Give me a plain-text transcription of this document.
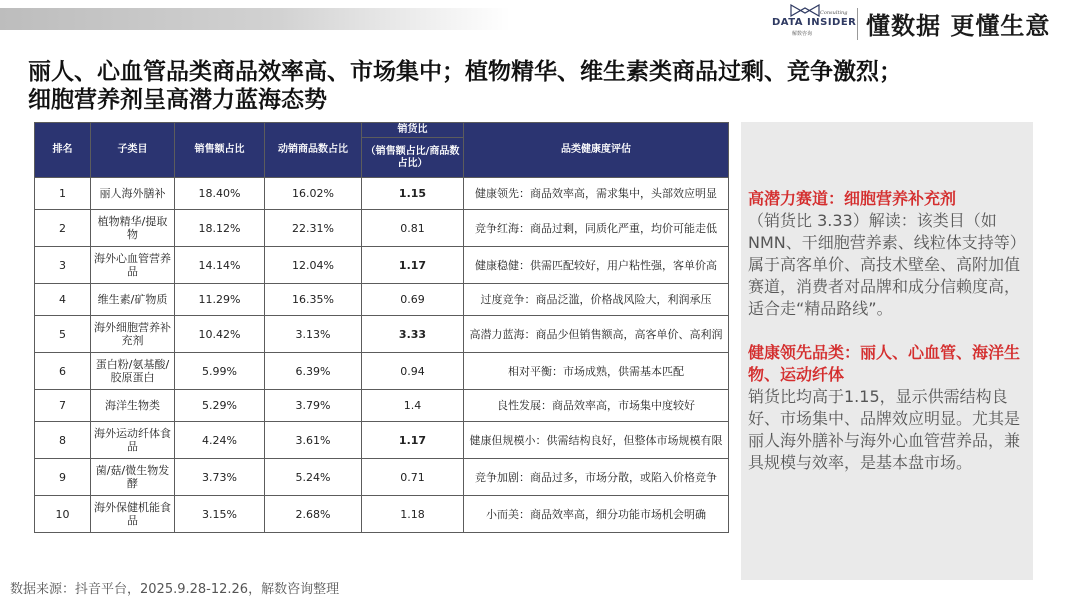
Consulting
DATA INSIDER
解数咨询 懂数据 更懂生意
丽人、心血管品类商品效率高、市场集中；植物精华、维生素类商品过剩、竞争激烈；
细胞营养剂呈高潜力蓝海态势
排名	子类目	销售额占比	动销商品数占比	销货比	品类健康度评估
				（销售额占比/商品数占比）	
1	丽人海外膳补	18.40%	16.02%	1.15	健康领先：商品效率高，需求集中，头部效应明显
2	植物精华/提取物	18.12%	22.31%	0.81	竞争红海：商品过剩，同质化严重，均价可能走低
3	海外心血管营养品	14.14%	12.04%	1.17	健康稳健：供需匹配较好，用户粘性强，客单价高
4	维生素/矿物质	11.29%	16.35%	0.69	过度竞争：商品泛滥，价格战风险大，利润承压
5	海外细胞营养补充剂	10.42%	3.13%	3.33	高潜力蓝海：商品少但销售额高，高客单价、高利润
6	蛋白粉/氨基酸/胶原蛋白	5.99%	6.39%	0.94	相对平衡：市场成熟，供需基本匹配
7	海洋生物类	5.29%	3.79%	1.4	良性发展：商品效率高，市场集中度较好
8	海外运动纤体食品	4.24%	3.61%	1.17	健康但规模小：供需结构良好，但整体市场规模有限
9	菌/菇/微生物发酵	3.73%	5.24%	0.71	竞争加剧：商品过多，市场分散，或陷入价格竞争
10	海外保健机能食品	3.15%	2.68%	1.18	小而美：商品效率高，细分功能市场机会明确
高潜力赛道：细胞营养补充剂
（销货比 3.33）解读：该类目（如NMN、干细胞营养素、线粒体支持等）属于高客单价、高技术壁垒、高附加值赛道，消费者对品牌和成分信赖度高，适合走“精品路线”。
健康领先品类：丽人、心血管、海洋生物、运动纤体
销货比均高于1.15，显示供需结构良好、市场集中、品牌效应明显。尤其是丽人海外膳补与海外心血管营养品，兼具规模与效率，是基本盘市场。
数据来源：抖音平台，2025.9.28-12.26，解数咨询整理
